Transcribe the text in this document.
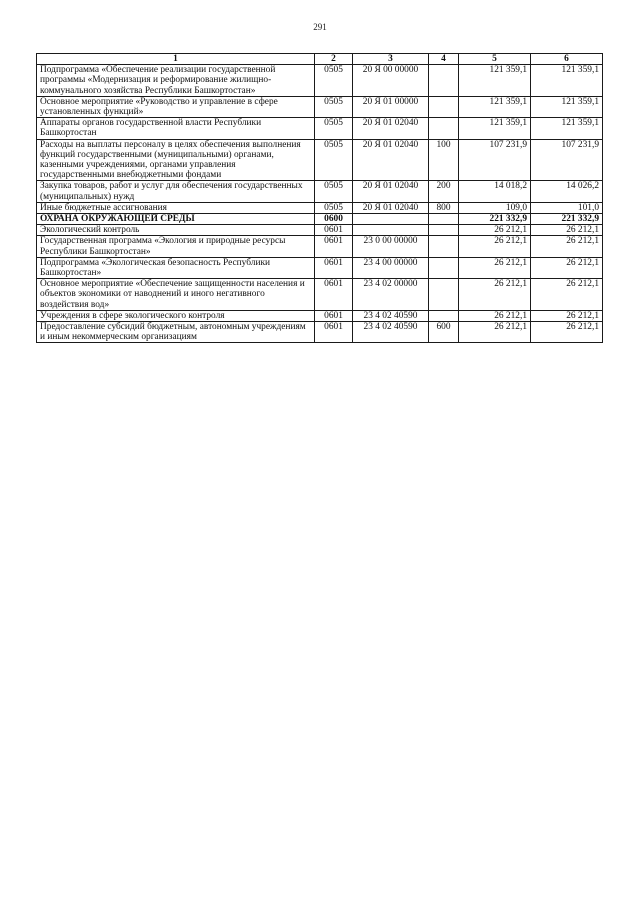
291
1	2	3	4	5	6
Подпрограмма «Обеспечение реализации государственной программы «Модернизация и реформирование жилищно-коммунального хозяйства Республики Башкортостан»	0505	20 Я 00 00000		121 359,1	121 359,1
Основное мероприятие «Руководство и управление в сфере установленных функций»	0505	20 Я 01 00000		121 359,1	121 359,1
Аппараты органов государственной власти Республики Башкортостан	0505	20 Я 01 02040		121 359,1	121 359,1
Расходы на выплаты персоналу в целях обеспечения выполнения функций государственными (муниципальными) органами, казенными учреждениями, органами управления государственными внебюджетными фондами	0505	20 Я 01 02040	100	107 231,9	107 231,9
Закупка товаров, работ и услуг для обеспечения государственных (муниципальных) нужд	0505	20 Я 01 02040	200	14 018,2	14 026,2
Иные бюджетные ассигнования	0505	20 Я 01 02040	800	109,0	101,0
ОХРАНА ОКРУЖАЮЩЕЙ СРЕДЫ	0600			221 332,9	221 332,9
Экологический контроль	0601			26 212,1	26 212,1
Государственная программа «Экология и природные ресурсы Республики Башкортостан»	0601	23 0 00 00000		26 212,1	26 212,1
Подпрограмма «Экологическая безопасность Республики Башкортостан»	0601	23 4 00 00000		26 212,1	26 212,1
Основное мероприятие «Обеспечение защищенности населения и объектов экономики от наводнений и иного негативного воздействия вод»	0601	23 4 02 00000		26 212,1	26 212,1
Учреждения в сфере экологического контроля	0601	23 4 02 40590		26 212,1	26 212,1
Предоставление субсидий бюджетным, автономным учреждениям и иным некоммерческим организациям	0601	23 4 02 40590	600	26 212,1	26 212,1
